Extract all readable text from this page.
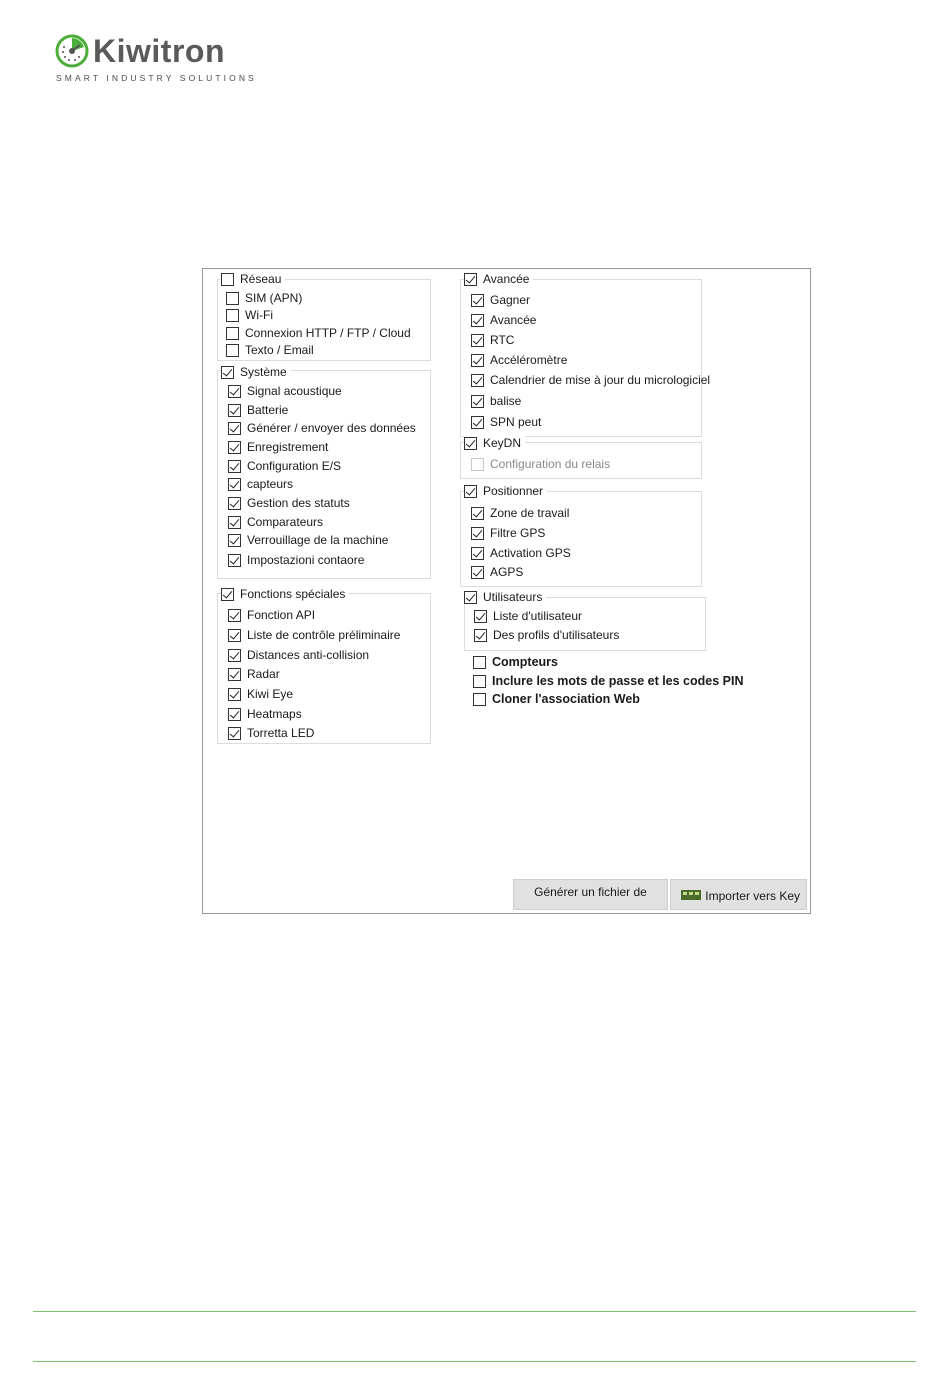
Kiwitron
SMART INDUSTRY SOLUTIONS
Réseau
SIM (APN)
Wi-Fi
Connexion HTTP / FTP / Cloud
Texto / Email
Système
Signal acoustique
Batterie
Générer / envoyer des données
Enregistrement
Configuration E/S
capteurs
Gestion des statuts
Comparateurs
Verrouillage de la machine
Impostazioni contaore
Fonctions spéciales
Fonction API
Liste de contrôle préliminaire
Distances anti-collision
Radar
Kiwi Eye
Heatmaps
Torretta LED
Avancée
Gagner
Avancée
RTC
Accéléromètre
Calendrier de mise à jour du micrologiciel
balise
SPN peut
KeyDN
Configuration du relais
Positionner
Zone de travail
Filtre GPS
Activation GPS
AGPS
Utilisateurs
Liste d'utilisateur
Des profils d'utilisateurs
Compteurs
Inclure les mots de passe et les codes PIN
Cloner l'association Web
Générer un fichier de	Importer vers Key
